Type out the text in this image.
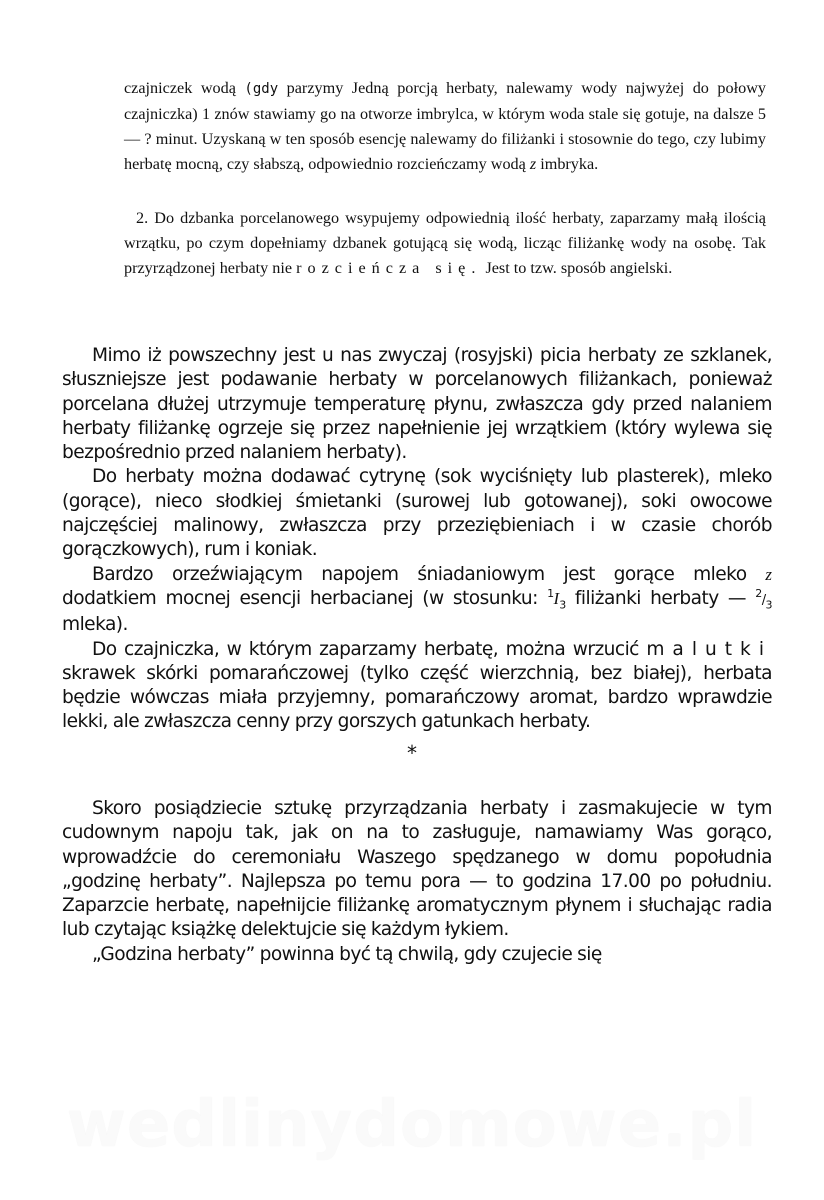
czajniczek wodą (gdy parzymy Jedną porcją herbaty, nalewamy wody najwyżej do połowy czajniczka) 1 znów stawiamy go na otworze imbrylca, w którym woda stale się gotuje, na dalsze 5— ? minut. Uzyskaną w ten sposób esencję nalewamy do filiżanki i stosownie do tego, czy lubimy herbatę mocną, czy słabszą, odpowiednio rozcieńczamy wodą z imbryka.

2. Do dzbanka porcelanowego wsypujemy odpowiednią ilość herbaty, zaparzamy małą ilością wrzątku, po czym dopełniamy dzbanek gotującą się wodą, licząc filiżankę wody na osobę. Tak przyrządzonej herbaty nie rozcieńcza się. Jest to tzw. sposób angielski.

Mimo iż powszechny jest u nas zwyczaj (rosyjski) picia herbaty ze szklanek, słuszniejsze jest podawanie herbaty w porcelanowych filiżankach, ponieważ porcelana dłużej utrzymuje temperaturę płynu, zwłaszcza gdy przed nalaniem herbaty filiżankę ogrzeje się przez napełnienie jej wrzątkiem (który wylewa się bezpośrednio przed nalaniem herbaty).

Do herbaty można dodawać cytrynę (sok wyciśnięty lub plasterek), mleko (gorące), nieco słodkiej śmietanki (surowej lub gotowanej), soki owocowe najczęściej malinowy, zwłaszcza przy przeziębieniach i w czasie chorób gorączkowych), rum i koniak.

Bardzo orzeźwiającym napojem śniadaniowym jest gorące mleko z dodatkiem mocnej esencji herbacianej (w stosunku: $^1I_3$ filiżanki herbaty — $^2/_3$ mleka).

Do czajniczka, w którym zaparzamy herbatę, można wrzucić malutki skrawek skórki pomarańczowej (tylko część wierzchnią, bez białej), herbata będzie wówczas miała przyjemny, pomarańczowy aromat, bardzo wprawdzie lekki, ale zwłaszcza cenny przy gorszych gatunkach herbaty.

*

Skoro posiądziecie sztukę przyrządzania herbaty i zasmakujecie w tym cudownym napoju tak, jak on na to zasługuje, namawiamy Was gorąco, wprowadźcie do ceremoniału Waszego spędzanego w domu popołudnia „godzinę herbaty”. Najlepsza po temu pora — to godzina 17.00 po południu. Zaparzcie herbatę, napełnijcie filiżankę aromatycznym płynem i słuchając radia lub czytając książkę delektujcie się każdym łykiem.

„Godzina herbaty” powinna być tą chwilą, gdy czujecie się

wedlinydomowe.pl
